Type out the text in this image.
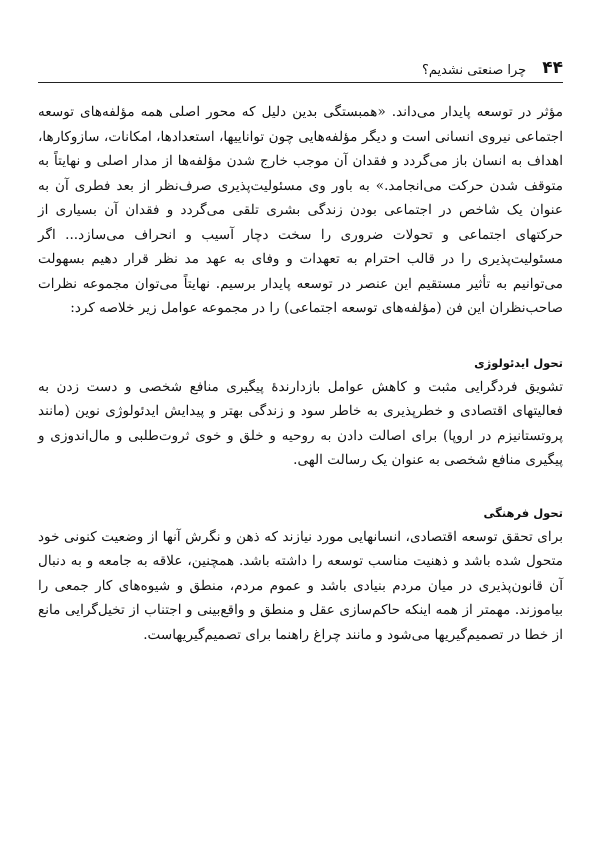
۴۴
چرا صنعتی نشدیم؟

مؤثر در توسعه پایدار می‌داند. «همبستگی بدین دلیل که محور اصلی همه مؤلفه‌های توسعه اجتماعی نیروی انسانی است و دیگر مؤلفه‌هایی چون تواناییها، استعدادها، امکانات، سازوکارها، اهداف به انسان باز می‌گردد و فقدان آن موجب خارج شدن مؤلفه‌ها از مدار اصلی و نهایتاً به متوقف شدن حرکت می‌انجامد.» به باور وی مسئولیت‌پذیری صرف‌نظر از بعد فطری آن به عنوان یک شاخص در اجتماعی بودن زندگی بشری تلقی می‌گردد و فقدان آن بسیاری از حرکتهای اجتماعی و تحولات ضروری را سخت دچار آسیب و انحراف می‌سازد... اگر مسئولیت‌پذیری را در قالب احترام به تعهدات و وفای به عهد مد نظر قرار دهیم بسهولت می‌توانیم به تأثیر مستقیم این عنصر در توسعه پایدار برسیم. نهایتاً می‌توان مجموعه نظرات صاحب‌نظران این فن (مؤلفه‌های توسعه اجتماعی) را در مجموعه عوامل زیر خلاصه کرد:

تحول ایدئولوژی

تشویق فردگرایی مثبت و کاهش عوامل بازدارندهٔ پیگیری منافع شخصی و دست زدن به فعالیتهای اقتصادی و خطرپذیری به خاطر سود و زندگی بهتر و پیدایش ایدئولوژی نوین (مانند پروتستانیزم در اروپا) برای اصالت دادن به روحیه و خلق و خوی ثروت‌طلبی و مال‌اندوزی و پیگیری منافع شخصی به عنوان یک رسالت الهی.

تحول فرهنگی

برای تحقق توسعه اقتصادی، انسانهایی مورد نیازند که ذهن و نگرش آنها از وضعیت کنونی خود متحول شده باشد و ذهنیت مناسب توسعه را داشته باشد. همچنین، علاقه به جامعه و به دنبال آن قانون‌پذیری در میان مردم بنیادی باشد و عموم مردم، منطق و شیوه‌های کار جمعی را بیاموزند. مهمتر از همه اینکه حاکم‌سازی عقل و منطق و واقع‌بینی و اجتناب از تخیل‌گرایی مانع از خطا در تصمیم‌گیریها می‌شود و مانند چراغ راهنما برای تصمیم‌گیریهاست.
